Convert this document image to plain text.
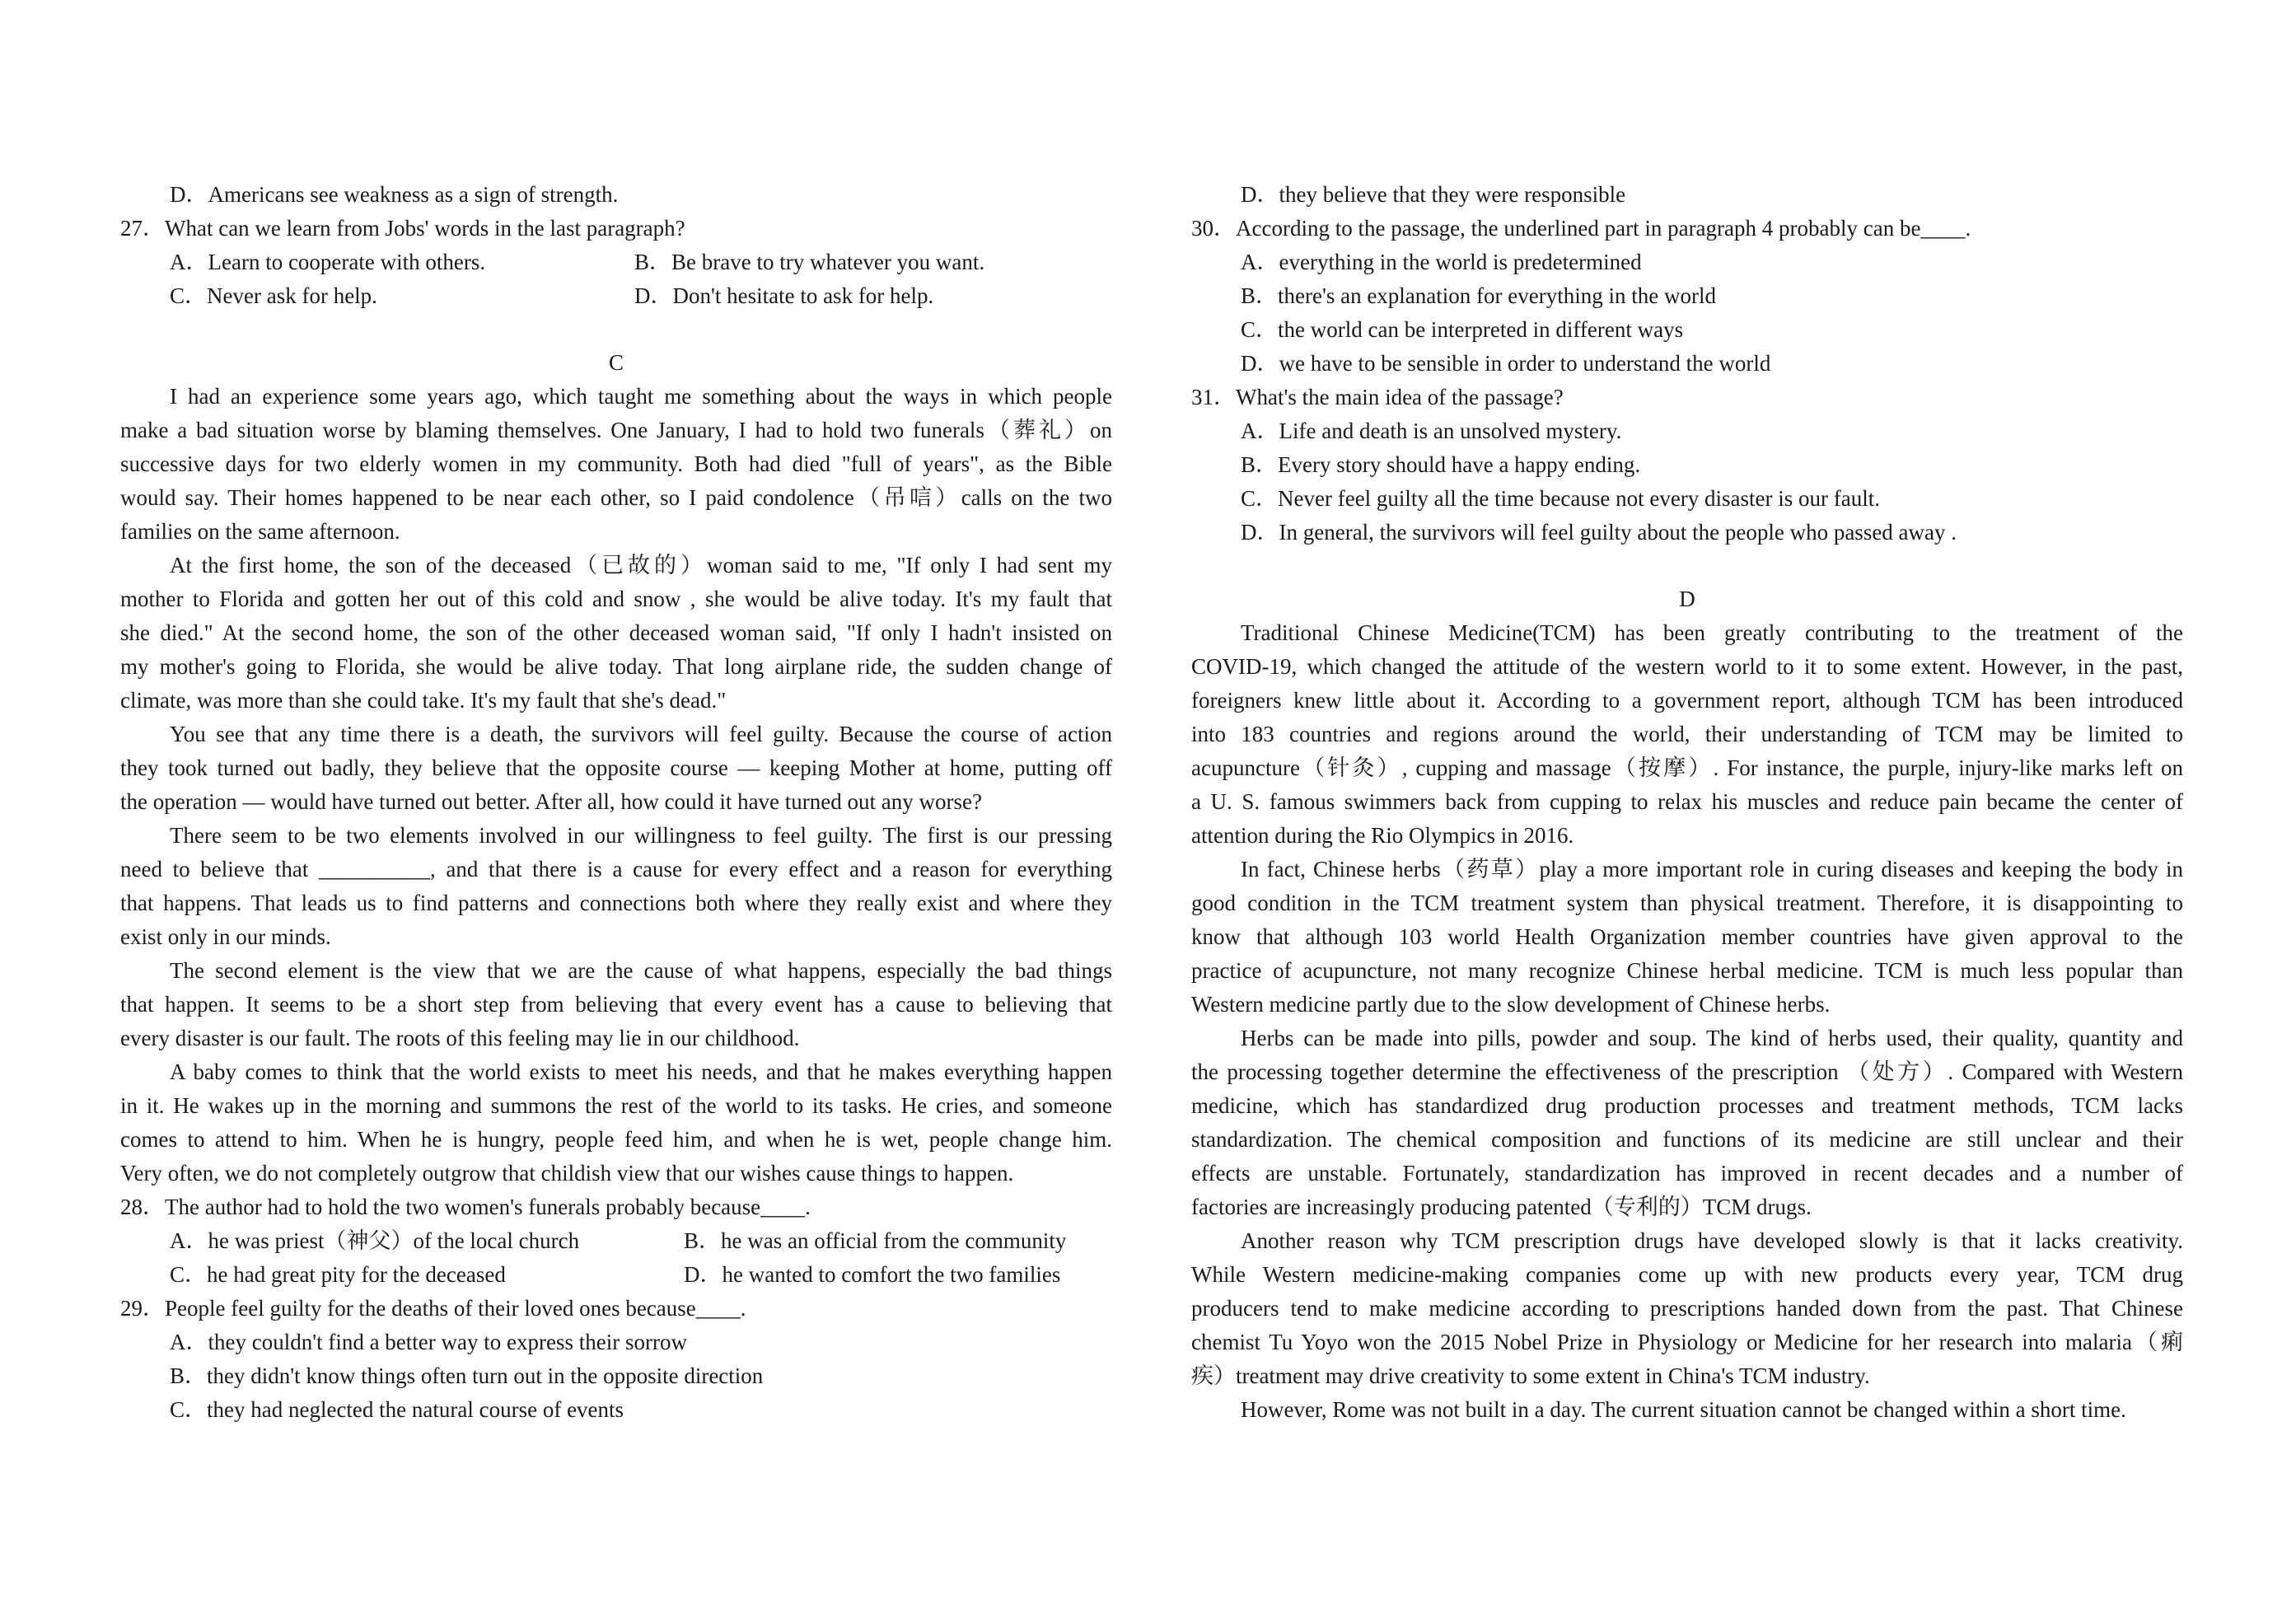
D．Americans see weakness as a sign of strength.
27．What can we learn from Jobs' words in the last paragraph?
A．Learn to cooperate with others.	B．Be brave to try whatever you want.
C．Never ask for help.	D．Don't hesitate to ask for help.
C
I had an experience some years ago, which taught me something about the ways in which people
make a bad situation worse by blaming themselves. One January, I had to hold two funerals（葬礼）on
successive days for two elderly women in my community. Both had died "full of years", as the Bible
would say. Their homes happened to be near each other, so I paid condolence（吊唁）calls on the two
families on the same afternoon.
At the first home, the son of the deceased（已故的）woman said to me, "If only I had sent my
mother to Florida and gotten her out of this cold and snow , she would be alive today. It's my fault that
she died." At the second home, the son of the other deceased woman said, "If only I hadn't insisted on
my mother's going to Florida, she would be alive today. That long airplane ride, the sudden change of
climate, was more than she could take. It's my fault that she's dead."
You see that any time there is a death, the survivors will feel guilty. Because the course of action
they took turned out badly, they believe that the opposite course — keeping Mother at home, putting off
the operation — would have turned out better. After all, how could it have turned out any worse?
There seem to be two elements involved in our willingness to feel guilty. The first is our pressing
need to believe that __________, and that there is a cause for every effect and a reason for everything
that happens. That leads us to find patterns and connections both where they really exist and where they
exist only in our minds.
The second element is the view that we are the cause of what happens, especially the bad things
that happen. It seems to be a short step from believing that every event has a cause to believing that
every disaster is our fault. The roots of this feeling may lie in our childhood.
A baby comes to think that the world exists to meet his needs, and that he makes everything happen
in it. He wakes up in the morning and summons the rest of the world to its tasks. He cries, and someone
comes to attend to him. When he is hungry, people feed him, and when he is wet, people change him.
Very often, we do not completely outgrow that childish view that our wishes cause things to happen.
28．The author had to hold the two women's funerals probably because____.
A．he was priest（神父）of the local church	B．he was an official from the community
C．he had great pity for the deceased	D．he wanted to comfort the two families
29．People feel guilty for the deaths of their loved ones because____.
A．they couldn't find a better way to express their sorrow
B．they didn't know things often turn out in the opposite direction
C．they had neglected the natural course of events
D．they believe that they were responsible
30．According to the passage, the underlined part in paragraph 4 probably can be____.
A．everything in the world is predetermined
B．there's an explanation for everything in the world
C．the world can be interpreted in different ways
D．we have to be sensible in order to understand the world
31．What's the main idea of the passage?
A．Life and death is an unsolved mystery.
B．Every story should have a happy ending.
C．Never feel guilty all the time because not every disaster is our fault.
D．In general, the survivors will feel guilty about the people who passed away .
D
Traditional Chinese Medicine(TCM) has been greatly contributing to the treatment of the
COVID-19, which changed the attitude of the western world to it to some extent. However, in the past,
foreigners knew little about it. According to a government report, although TCM has been introduced
into 183 countries and regions around the world, their understanding of TCM may be limited to
acupuncture（针灸）, cupping and massage（按摩）. For instance, the purple, injury-like marks left on
a U. S. famous swimmers back from cupping to relax his muscles and reduce pain became the center of
attention during the Rio Olympics in 2016.
In fact, Chinese herbs（药草）play a more important role in curing diseases and keeping the body in
good condition in the TCM treatment system than physical treatment. Therefore, it is disappointing to
know that although 103 world Health Organization member countries have given approval to the
practice of acupuncture, not many recognize Chinese herbal medicine. TCM is much less popular than
Western medicine partly due to the slow development of Chinese herbs.
Herbs can be made into pills, powder and soup. The kind of herbs used, their quality, quantity and
the processing together determine the effectiveness of the prescription （处方）. Compared with Western
medicine, which has standardized drug production processes and treatment methods, TCM lacks
standardization. The chemical composition and functions of its medicine are still unclear and their
effects are unstable. Fortunately, standardization has improved in recent decades and a number of
factories are increasingly producing patented（专利的）TCM drugs.
Another reason why TCM prescription drugs have developed slowly is that it lacks creativity.
While Western medicine-making companies come up with new products every year, TCM drug
producers tend to make medicine according to prescriptions handed down from the past. That Chinese
chemist Tu Yoyo won the 2015 Nobel Prize in Physiology or Medicine for her research into malaria（痢
疾）treatment may drive creativity to some extent in China's TCM industry.
However, Rome was not built in a day. The current situation cannot be changed within a short time.
